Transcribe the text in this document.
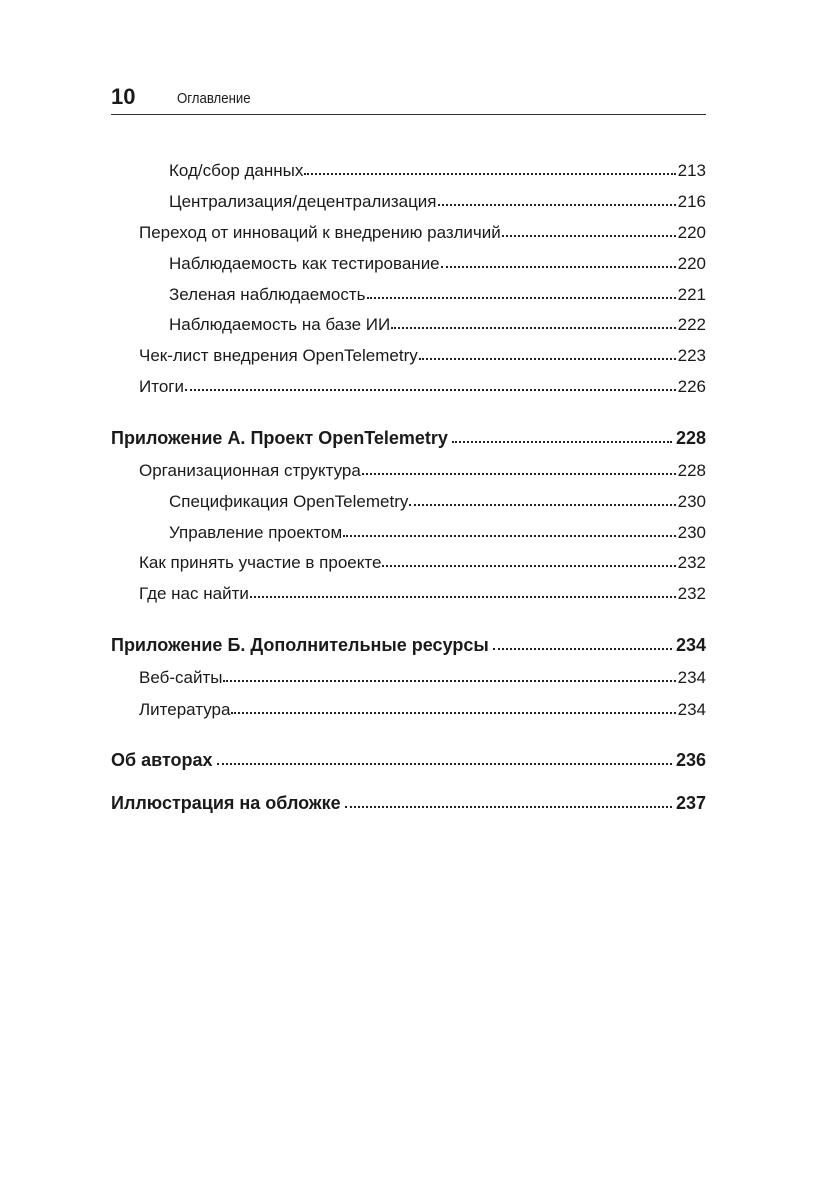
10	Оглавление
Код/сбор данных	213
Централизация/децентрализация	216
Переход от инноваций к внедрению различий	220
Наблюдаемость как тестирование	220
Зеленая наблюдаемость	221
Наблюдаемость на базе ИИ	222
Чек-лист внедрения OpenTelemetry	223
Итоги	226
Приложение А. Проект OpenTelemetry	228
Организационная структура	228
Спецификация OpenTelemetry	230
Управление проектом	230
Как принять участие в проекте	232
Где нас найти	232
Приложение Б. Дополнительные ресурсы	234
Веб-сайты	234
Литература	234
Об авторах	236
Иллюстрация на обложке	237
